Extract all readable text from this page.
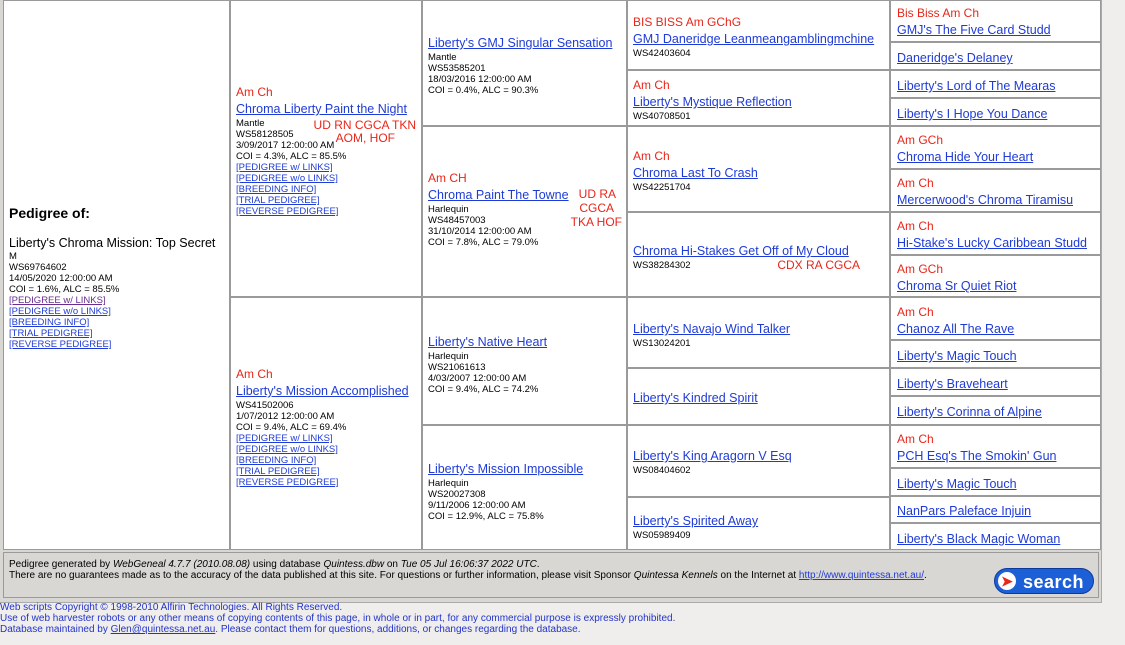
Pedigree of:
Liberty's Chroma Mission: Top Secret
M
WS69764602
14/05/2020 12:00:00 AM
COI = 1.6%, ALC = 85.5%
[PEDIGREE w/ LINKS]
[PEDIGREE w/o LINKS]
[BREEDING INFO]
[TRIAL PEDIGREE]
[REVERSE PEDIGREE]
Am Ch
Chroma Liberty Paint the Night
Mantle
WS58128505
3/09/2017 12:00:00 AM
COI = 4.3%, ALC = 85.5%
[PEDIGREE w/ LINKS]
[PEDIGREE w/o LINKS]
[BREEDING INFO]
[TRIAL PEDIGREE]
[REVERSE PEDIGREE]
UD RN CGCA TKN
AOM, HOF
Am Ch
Liberty's Mission Accomplished
WS41502006
1/07/2012 12:00:00 AM
COI = 9.4%, ALC = 69.4%
[PEDIGREE w/ LINKS]
[PEDIGREE w/o LINKS]
[BREEDING INFO]
[TRIAL PEDIGREE]
[REVERSE PEDIGREE]
Liberty's GMJ Singular Sensation
Mantle
WS53585201
18/03/2016 12:00:00 AM
COI = 0.4%, ALC = 90.3%
Am CH
Chroma Paint The Towne
Harlequin
WS48457003
31/10/2014 12:00:00 AM
COI = 7.8%, ALC = 79.0%
UD RA
CGCA
TKA HOF
Liberty's Native Heart
Harlequin
WS21061613
4/03/2007 12:00:00 AM
COI = 9.4%, ALC = 74.2%
Liberty's Mission Impossible
Harlequin
WS20027308
9/11/2006 12:00:00 AM
COI = 12.9%, ALC = 75.8%
BIS BISS Am GChG
GMJ Daneridge Leanmeangamblingmchine
WS42403604
Am Ch
Liberty's Mystique Reflection
WS40708501
Am Ch
Chroma Last To Crash
WS42251704
Chroma Hi-Stakes Get Off of My Cloud
WS38284302	CDX RA CGCA
Liberty's Navajo Wind Talker
WS13024201
Liberty's Kindred Spirit
Liberty's King Aragorn V Esq
WS08404602
Liberty's Spirited Away
WS05989409
Bis Biss Am Ch
GMJ's The Five Card Studd
Daneridge's Delaney
Liberty's Lord of The Mearas
Liberty's I Hope You Dance
Am GCh
Chroma Hide Your Heart
Am Ch
Mercerwood's Chroma Tiramisu
Am Ch
Hi-Stake's Lucky Caribbean Studd
Am GCh
Chroma Sr Quiet Riot
Am Ch
Chanoz All The Rave
Liberty's Magic Touch
Liberty's Braveheart
Liberty's Corinna of Alpine
Am Ch
PCH Esq's The Smokin' Gun
Liberty's Magic Touch
NanPars Paleface Injuin
Liberty's Black Magic Woman
Pedigree generated by WebGeneal 4.7.7 (2010.08.08) using database Quintess.dbw on Tue 05 Jul 16:06:37 2022 UTC.
There are no guarantees made as to the accuracy of the data published at this site. For questions or further information, please visit Sponsor Quintessa Kennels on the Internet at http://www.quintessa.net.au/.	➤ search
Web scripts Copyright © 1998-2010 Alfirin Technologies. All Rights Reserved.
Use of web harvester robots or any other means of copying contents of this page, in whole or in part, for any commercial purpose is expressly prohibited.
Database maintained by Glen@quintessa.net.au. Please contact them for questions, additions, or changes regarding the database.
